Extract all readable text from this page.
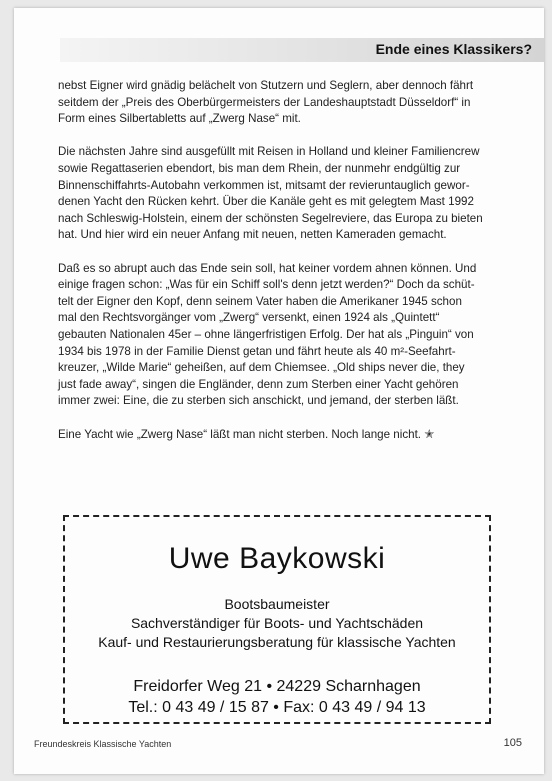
Ende eines Klassikers?

nebst Eigner wird gnädig belächelt von Stutzern und Seglern, aber dennoch fährt
seitdem der „Preis des Oberbürgermeisters der Landeshauptstadt Düsseldorf“ in
Form eines Silbertabletts auf „Zwerg Nase“ mit.

Die nächsten Jahre sind ausgefüllt mit Reisen in Holland und kleiner Familiencrew
sowie Regattaserien ebendort, bis man dem Rhein, der nunmehr endgültig zur
Binnenschiffahrts-Autobahn verkommen ist, mitsamt der revieruntauglich gewor-
denen Yacht den Rücken kehrt. Über die Kanäle geht es mit gelegtem Mast 1992
nach Schleswig-Holstein, einem der schönsten Segelreviere, das Europa zu bieten
hat. Und hier wird ein neuer Anfang mit neuen, netten Kameraden gemacht.

Daß es so abrupt auch das Ende sein soll, hat keiner vordem ahnen können. Und
einige fragen schon: „Was für ein Schiff soll's denn jetzt werden?“ Doch da schüt-
telt der Eigner den Kopf, denn seinem Vater haben die Amerikaner 1945 schon
mal den Rechtsvorgänger vom „Zwerg“ versenkt, einen 1924 als „Quintett“
gebauten Nationalen 45er – ohne längerfristigen Erfolg. Der hat als „Pinguin“ von
1934 bis 1978 in der Familie Dienst getan und fährt heute als 40 m²-Seefahrt-
kreuzer, „Wilde Marie“ geheißen, auf dem Chiemsee. „Old ships never die, they
just fade away“, singen die Engländer, denn zum Sterben einer Yacht gehören
immer zwei: Eine, die zu sterben sich anschickt, und jemand, der sterben läßt.

Eine Yacht wie „Zwerg Nase“ läßt man nicht sterben. Noch lange nicht. ✭

Uwe Baykowski
Bootsbaumeister
Sachverständiger für Boots- und Yachtschäden
Kauf- und Restaurierungsberatung für klassische Yachten
Freidorfer Weg 21 • 24229 Scharnhagen
Tel.: 0 43 49 / 15 87 • Fax: 0 43 49 / 94 13
Freundeskreis Klassische Yachten	105
